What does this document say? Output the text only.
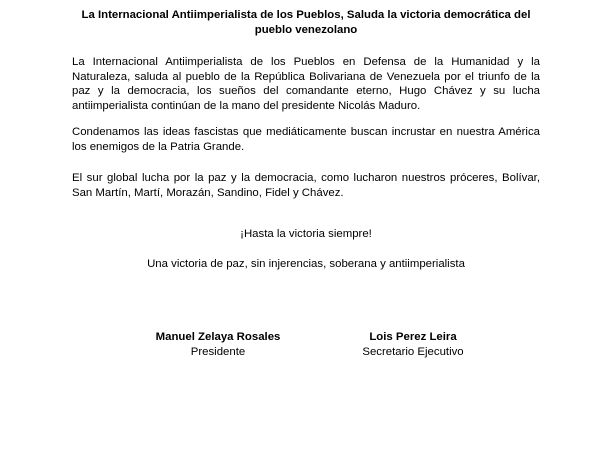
La Internacional Antiimperialista de los Pueblos, Saluda la victoria democrática del pueblo venezolano

La Internacional Antiimperialista de los Pueblos en Defensa de la Humanidad y la Naturaleza, saluda al pueblo de la República Bolivariana de Venezuela por el triunfo de la paz y la democracia, los sueños del comandante eterno, Hugo Chávez y su lucha antiimperialista continúan de la mano del presidente Nicolás Maduro.

Condenamos las ideas fascistas que mediáticamente buscan incrustar en nuestra América los enemigos de la Patria Grande.

El sur global lucha por la paz y la democracia, como lucharon nuestros próceres, Bolívar, San Martín, Martí, Morazán, Sandino, Fidel y Chávez.

¡Hasta la victoria siempre!
Una victoria de paz, sin injerencias, soberana y antiimperialista
Manuel Zelaya Rosales
Presidente
Lois Perez Leira
Secretario Ejecutivo
